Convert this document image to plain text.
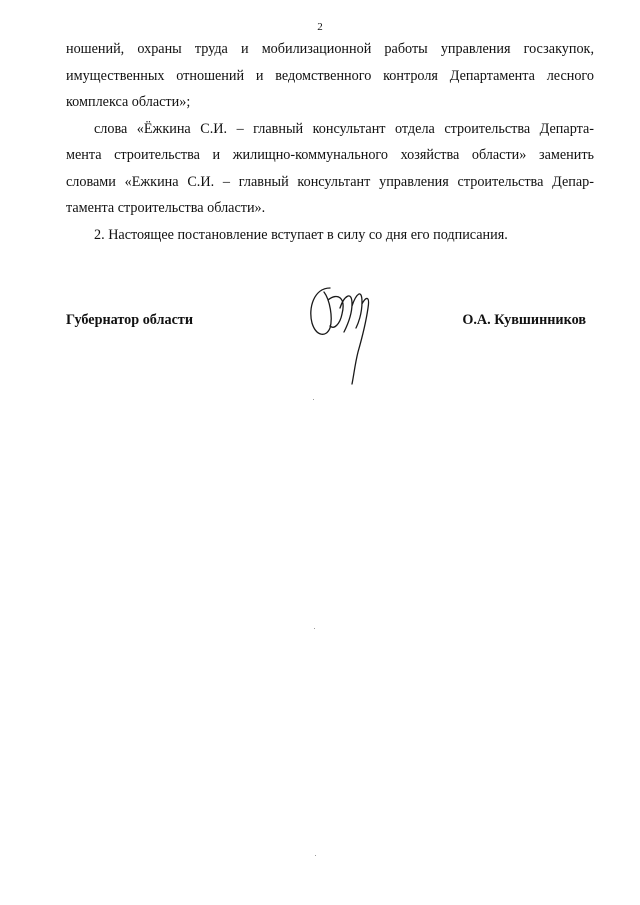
2

ношений, охраны труда и мобилизационной работы управления госзакупок,
имущественных отношений и ведомственного контроля Департамента лесного
комплекса области»;

слова «Ёжкина С.И. – главный консультант отдела строительства Департа-
мента строительства и жилищно-коммунального хозяйства области» заменить
словами «Ежкина С.И. – главный консультант управления строительства Депар-
тамента строительства области».

2. Настоящее постановление вступает в силу со дня его подписания.

Губернатор области	О.А. Кувшинников
